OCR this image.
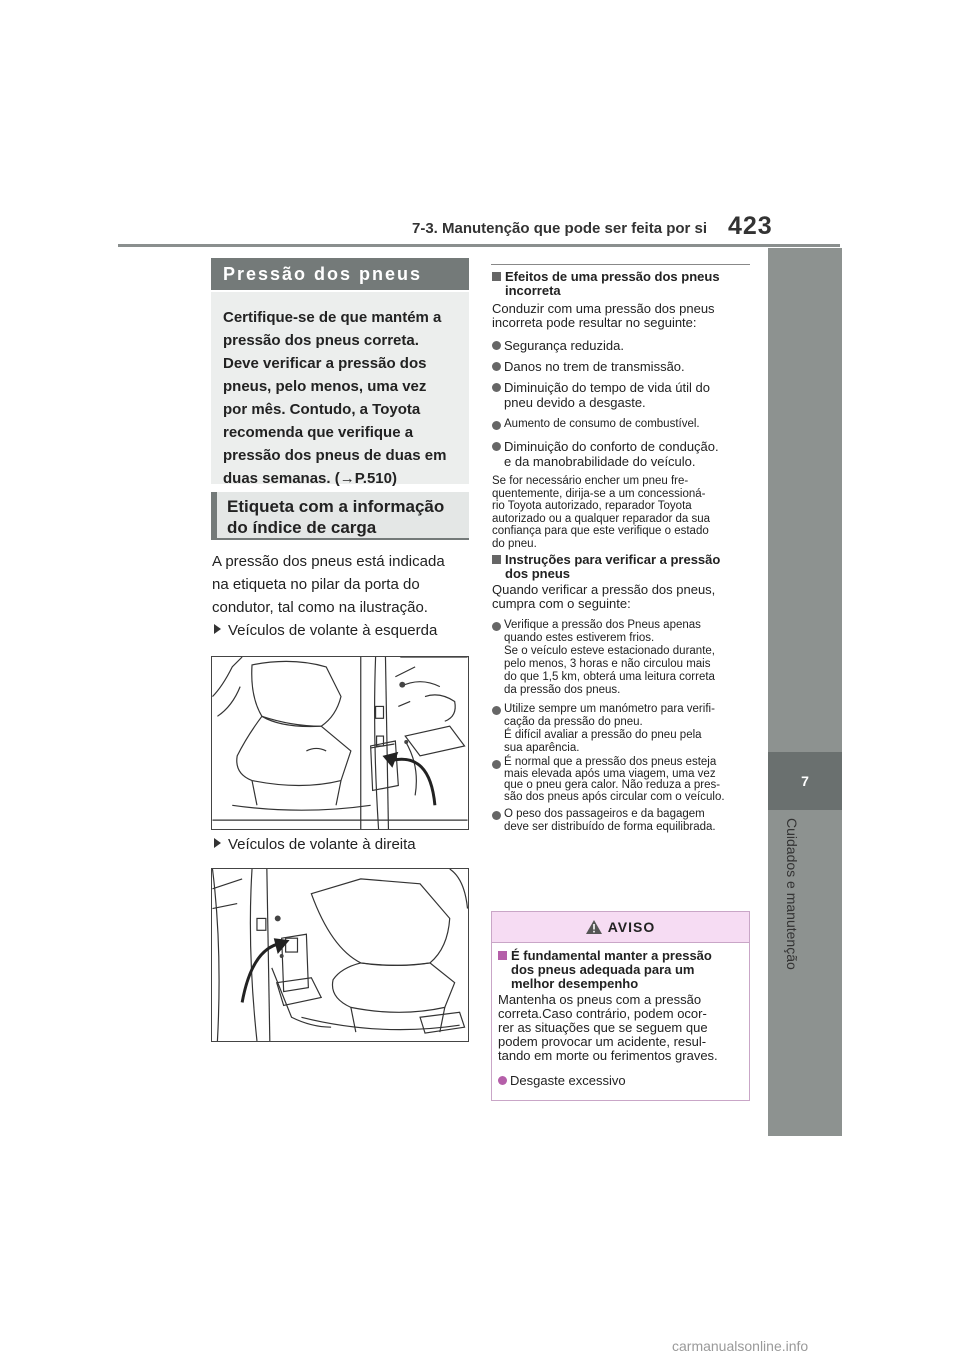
7-3. Manutenção que pode ser feita por si 423
7
Cuidados e manutenção
Pressão dos pneus
Certifique-se de que mantém a
pressão dos pneus correta.
Deve verificar a pressão dos
pneus, pelo menos, uma vez
por mês. Contudo, a Toyota
recomenda que verifique a
pressão dos pneus de duas em
duas semanas. (→P.510)
Etiqueta com a informação
do índice de carga
A pressão dos pneus está indicada
na etiqueta no pilar da porta do
condutor, tal como na ilustração.
Veículos de volante à esquerda
Veículos de volante à direita
Efeitos de uma pressão dos pneus
incorreta
Conduzir com uma pressão dos pneus
incorreta pode resultar no seguinte:
Segurança reduzida.
Danos no trem de transmissão.
Diminuição do tempo de vida útil do
pneu devido a desgaste.
Aumento de consumo de combustível.
Diminuição do conforto de condução.
e da manobrabilidade do veículo.
Se for necessário encher um pneu fre-
quentemente, dirija-se a um concessioná-
rio Toyota autorizado, reparador Toyota
autorizado ou a qualquer reparador da sua
confiança para que este verifique o estado
do pneu.
Instruções para verificar a pressão
dos pneus
Quando verificar a pressão dos pneus,
cumpra com o seguinte:
Verifique a pressão dos Pneus apenas
quando estes estiverem frios.
Se o veículo esteve estacionado durante,
pelo menos, 3 horas e não circulou mais
do que 1,5 km, obterá uma leitura correta
da pressão dos pneus.
Utilize sempre um manómetro para verifi-
cação da pressão do pneu.
É difícil avaliar a pressão do pneu pela
sua aparência.
É normal que a pressão dos pneus esteja
mais elevada após uma viagem, uma vez
que o pneu gera calor. Não reduza a pres-
são dos pneus após circular com o veículo.
O peso dos passageiros e da bagagem
deve ser distribuído de forma equilibrada.
AVISO
É fundamental manter a pressão
dos pneus adequada para um
melhor desempenho
Mantenha os pneus com a pressão
correta.Caso contrário, podem ocor-
rer as situações que se seguem que
podem provocar um acidente, resul-
tando em morte ou ferimentos graves.
Desgaste excessivo
carmanualsonline.info
